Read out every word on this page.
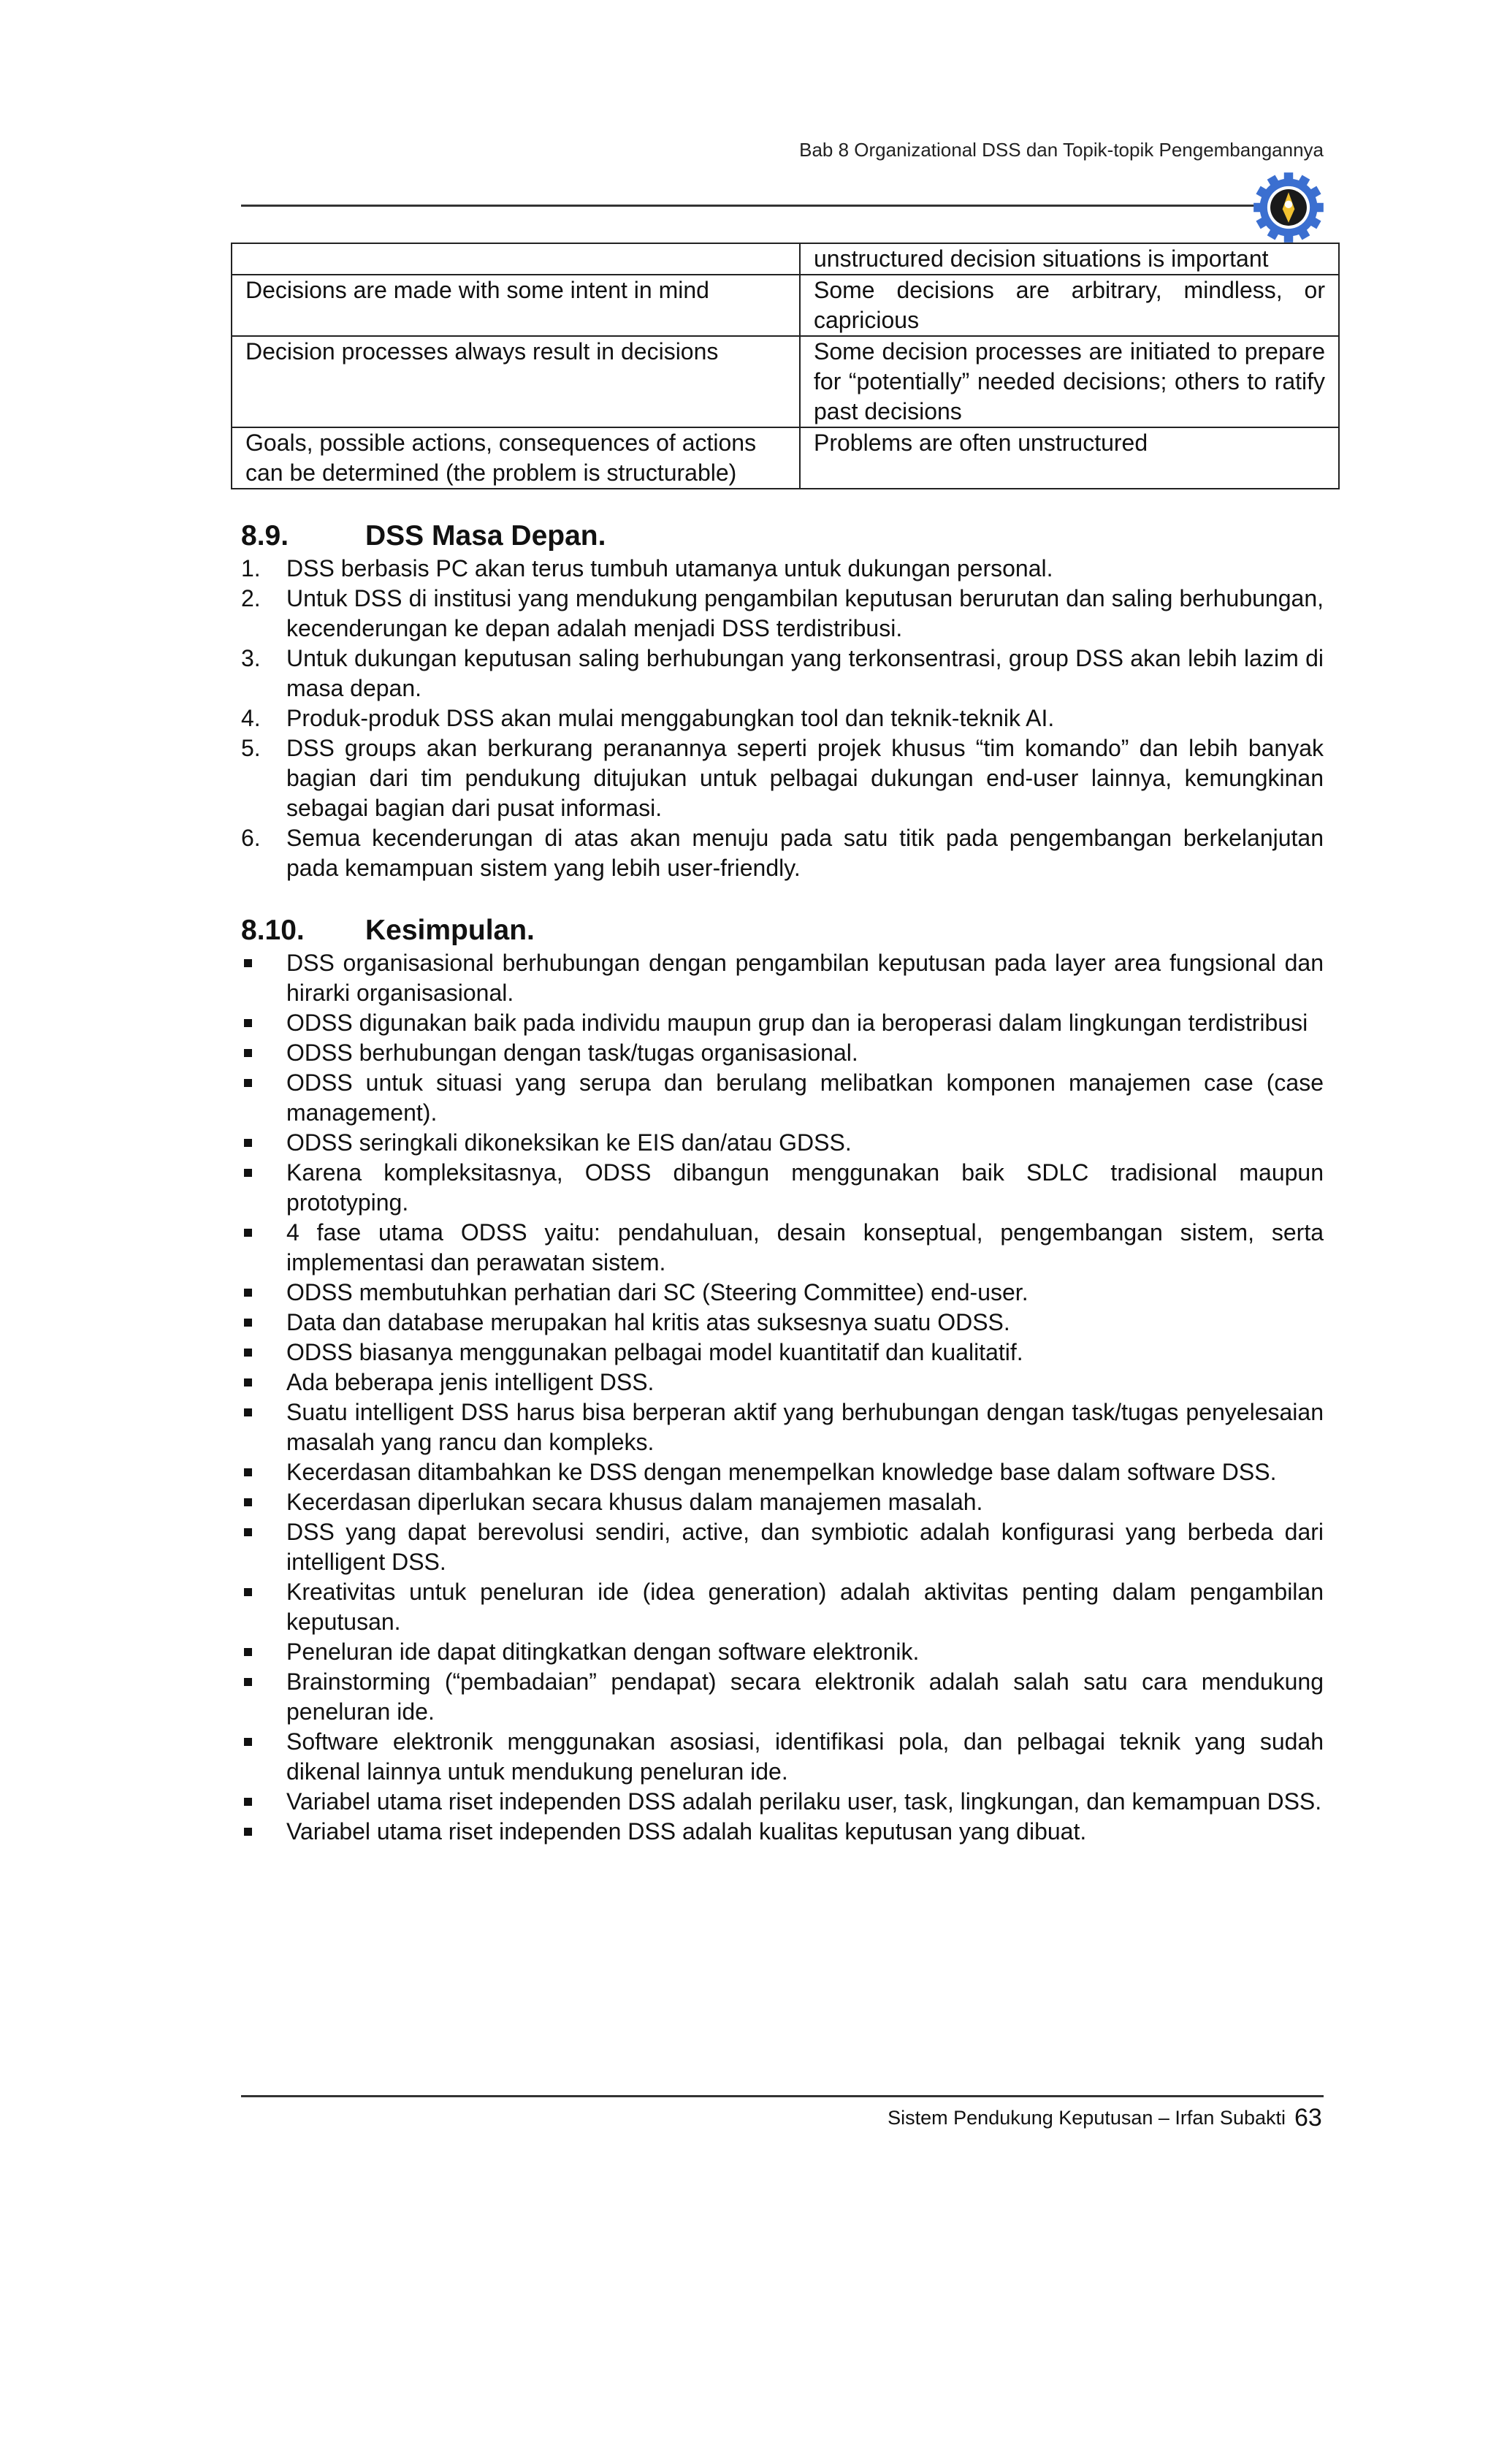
Bab 8 Organizational DSS dan Topik-topik Pengembangannya
	unstructured decision situations is important
Decisions are made with some intent in mind	Some decisions are arbitrary, mindless, or capricious
Decision processes always result in decisions	Some decision processes are initiated to prepare for “potentially” needed decisions; others to ratify past decisions
Goals, possible actions, consequences of actions can be determined (the problem is structurable)	Problems are often unstructured
8.9.	DSS Masa Depan.
1. DSS berbasis PC akan terus tumbuh utamanya untuk dukungan personal.
2. Untuk DSS di institusi yang mendukung pengambilan keputusan berurutan dan saling berhubungan, kecenderungan ke depan adalah menjadi DSS terdistribusi.
3. Untuk dukungan keputusan saling berhubungan yang terkonsentrasi, group DSS akan lebih lazim di masa depan.
4. Produk-produk DSS akan mulai menggabungkan tool dan teknik-teknik AI.
5. DSS groups akan berkurang peranannya seperti projek khusus “tim komando” dan lebih banyak bagian dari tim pendukung ditujukan untuk pelbagai dukungan end-user lainnya, kemungkinan sebagai bagian dari pusat informasi.
6. Semua kecenderungan di atas akan menuju pada satu titik pada pengembangan berkelanjutan pada kemampuan sistem yang lebih user-friendly.
8.10. Kesimpulan.
DSS organisasional berhubungan dengan pengambilan keputusan pada layer area fungsional dan hirarki organisasional.
ODSS digunakan baik pada individu maupun grup dan ia beroperasi dalam lingkungan terdistribusi
ODSS berhubungan dengan task/tugas organisasional.
ODSS untuk situasi yang serupa dan berulang melibatkan komponen manajemen case (case management).
ODSS seringkali dikoneksikan ke EIS dan/atau GDSS.
Karena kompleksitasnya, ODSS dibangun menggunakan baik SDLC tradisional maupun prototyping.
4 fase utama ODSS yaitu: pendahuluan, desain konseptual, pengembangan sistem, serta implementasi dan perawatan sistem.
ODSS membutuhkan perhatian dari SC (Steering Committee) end-user.
Data dan database merupakan hal kritis atas suksesnya suatu ODSS.
ODSS biasanya menggunakan pelbagai model kuantitatif dan kualitatif.
Ada beberapa jenis intelligent DSS.
Suatu intelligent DSS harus bisa berperan aktif yang berhubungan dengan task/tugas penyelesaian masalah yang rancu dan kompleks.
Kecerdasan ditambahkan ke DSS dengan menempelkan knowledge base dalam software DSS.
Kecerdasan diperlukan secara khusus dalam manajemen masalah.
DSS yang dapat berevolusi sendiri, active, dan symbiotic adalah konfigurasi yang berbeda dari intelligent DSS.
Kreativitas untuk peneluran ide (idea generation) adalah aktivitas penting dalam pengambilan keputusan.
Peneluran ide dapat ditingkatkan dengan software elektronik.
Brainstorming (“pembadaian” pendapat) secara elektronik adalah salah satu cara mendukung peneluran ide.
Software elektronik menggunakan asosiasi, identifikasi pola, dan pelbagai teknik yang sudah dikenal lainnya untuk mendukung peneluran ide.
Variabel utama riset independen DSS adalah perilaku user, task, lingkungan, dan kemampuan DSS.
Variabel utama riset independen DSS adalah kualitas keputusan yang dibuat.
Sistem Pendukung Keputusan – Irfan Subakti 63
